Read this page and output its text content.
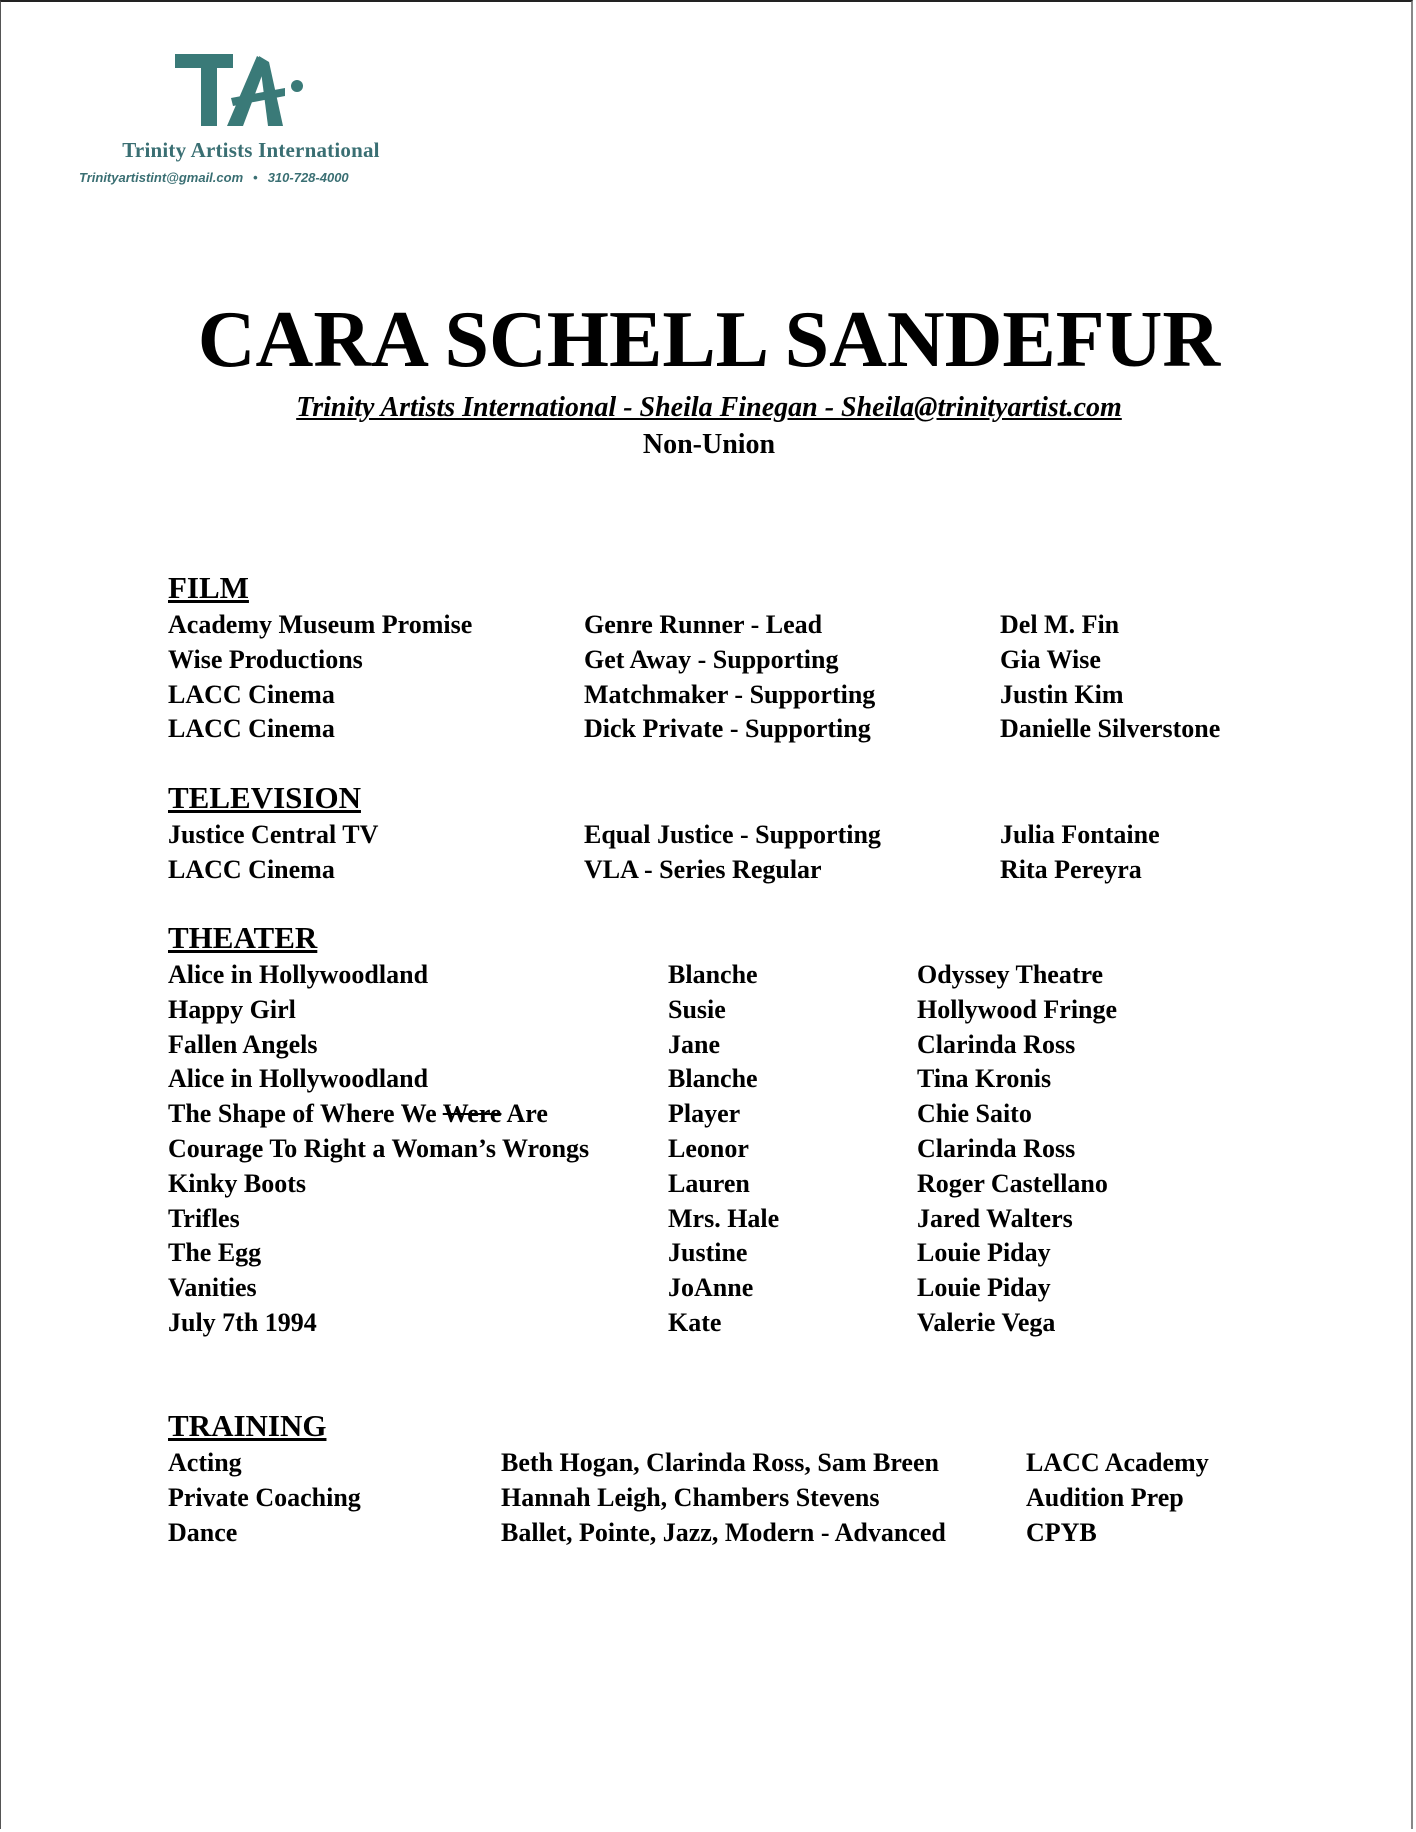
Trinity Artists International
Trinityartistint@gmail.com • 310-728-4000
CARA SCHELL SANDEFUR
Trinity Artists International - Sheila Finegan - Sheila@trinityartist.com
Non-Union
FILM
Academy Museum Promise	Genre Runner - Lead	Del M. Fin
Wise Productions	Get Away - Supporting	Gia Wise
LACC Cinema	Matchmaker - Supporting	Justin Kim
LACC Cinema	Dick Private - Supporting	Danielle Silverstone
TELEVISION
Justice Central TV	Equal Justice - Supporting	Julia Fontaine
LACC Cinema	VLA - Series Regular	Rita Pereyra
THEATER
Alice in Hollywoodland	Blanche	Odyssey Theatre
Happy Girl	Susie	Hollywood Fringe
Fallen Angels	Jane	Clarinda Ross
Alice in Hollywoodland	Blanche	Tina Kronis
The Shape of Where We Were Are	Player	Chie Saito
Courage To Right a Woman’s Wrongs	Leonor	Clarinda Ross
Kinky Boots	Lauren	Roger Castellano
Trifles	Mrs. Hale	Jared Walters
The Egg	Justine	Louie Piday
Vanities	JoAnne	Louie Piday
July 7th 1994	Kate	Valerie Vega
TRAINING
Acting	Beth Hogan, Clarinda Ross, Sam Breen	LACC Academy
Private Coaching	Hannah Leigh, Chambers Stevens	Audition Prep
Dance	Ballet, Pointe, Jazz, Modern - Advanced	CPYB
